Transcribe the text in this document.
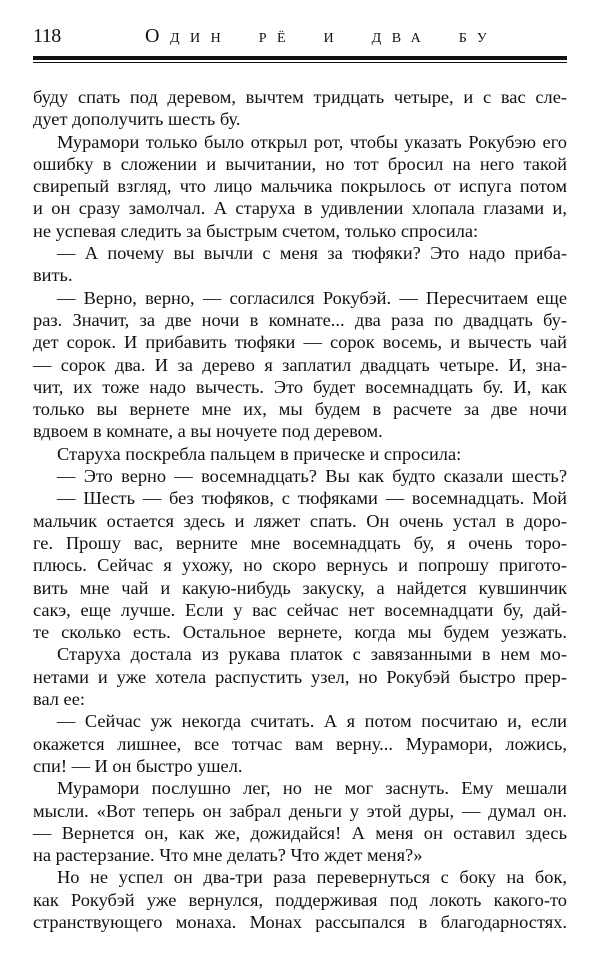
118	Один рё и два бу
буду спать под деревом, вычтем тридцать четыре, и с вас сле-
дует дополучить шесть бу.
Мурамори только было открыл рот, чтобы указать Рокубэю его
ошибку в сложении и вычитании, но тот бросил на него такой
свирепый взгляд, что лицо мальчика покрылось от испуга потом
и он сразу замолчал. А старуха в удивлении хлопала глазами и,
не успевая следить за быстрым счетом, только спросила:
— А почему вы вычли с меня за тюфяки? Это надо приба-
вить.
— Верно, верно, — согласился Рокубэй. — Пересчитаем еще
раз. Значит, за две ночи в комнате... два раза по двадцать бу-
дет сорок. И прибавить тюфяки — сорок восемь, и вычесть чай
— сорок два. И за дерево я заплатил двадцать четыре. И, зна-
чит, их тоже надо вычесть. Это будет восемнадцать бу. И, как
только вы вернете мне их, мы будем в расчете за две ночи
вдвоем в комнате, а вы ночуете под деревом.
Старуха поскребла пальцем в прическе и спросила:
— Это верно — восемнадцать? Вы как будто сказали шесть?
— Шесть — без тюфяков, с тюфяками — восемнадцать. Мой
мальчик остается здесь и ляжет спать. Он очень устал в доро-
ге. Прошу вас, верните мне восемнадцать бу, я очень торо-
плюсь. Сейчас я ухожу, но скоро вернусь и попрошу пригото-
вить мне чай и какую-нибудь закуску, а найдется кувшинчик
сакэ, еще лучше. Если у вас сейчас нет восемнадцати бу, дай-
те сколько есть. Остальное вернете, когда мы будем уезжать.
Старуха достала из рукава платок с завязанными в нем мо-
нетами и уже хотела распустить узел, но Рокубэй быстро прер-
вал ее:
— Сейчас уж некогда считать. А я потом посчитаю и, если
окажется лишнее, все тотчас вам верну... Мурамори, ложись,
спи! — И он быстро ушел.
Мурамори послушно лег, но не мог заснуть. Ему мешали
мысли. «Вот теперь он забрал деньги у этой дуры, — думал он.
— Вернется он, как же, дожидайся! А меня он оставил здесь
на растерзание. Что мне делать? Что ждет меня?»
Но не успел он два-три раза перевернуться с боку на бок,
как Рокубэй уже вернулся, поддерживая под локоть какого-то
странствующего монаха. Монах рассыпался в благодарностях.
